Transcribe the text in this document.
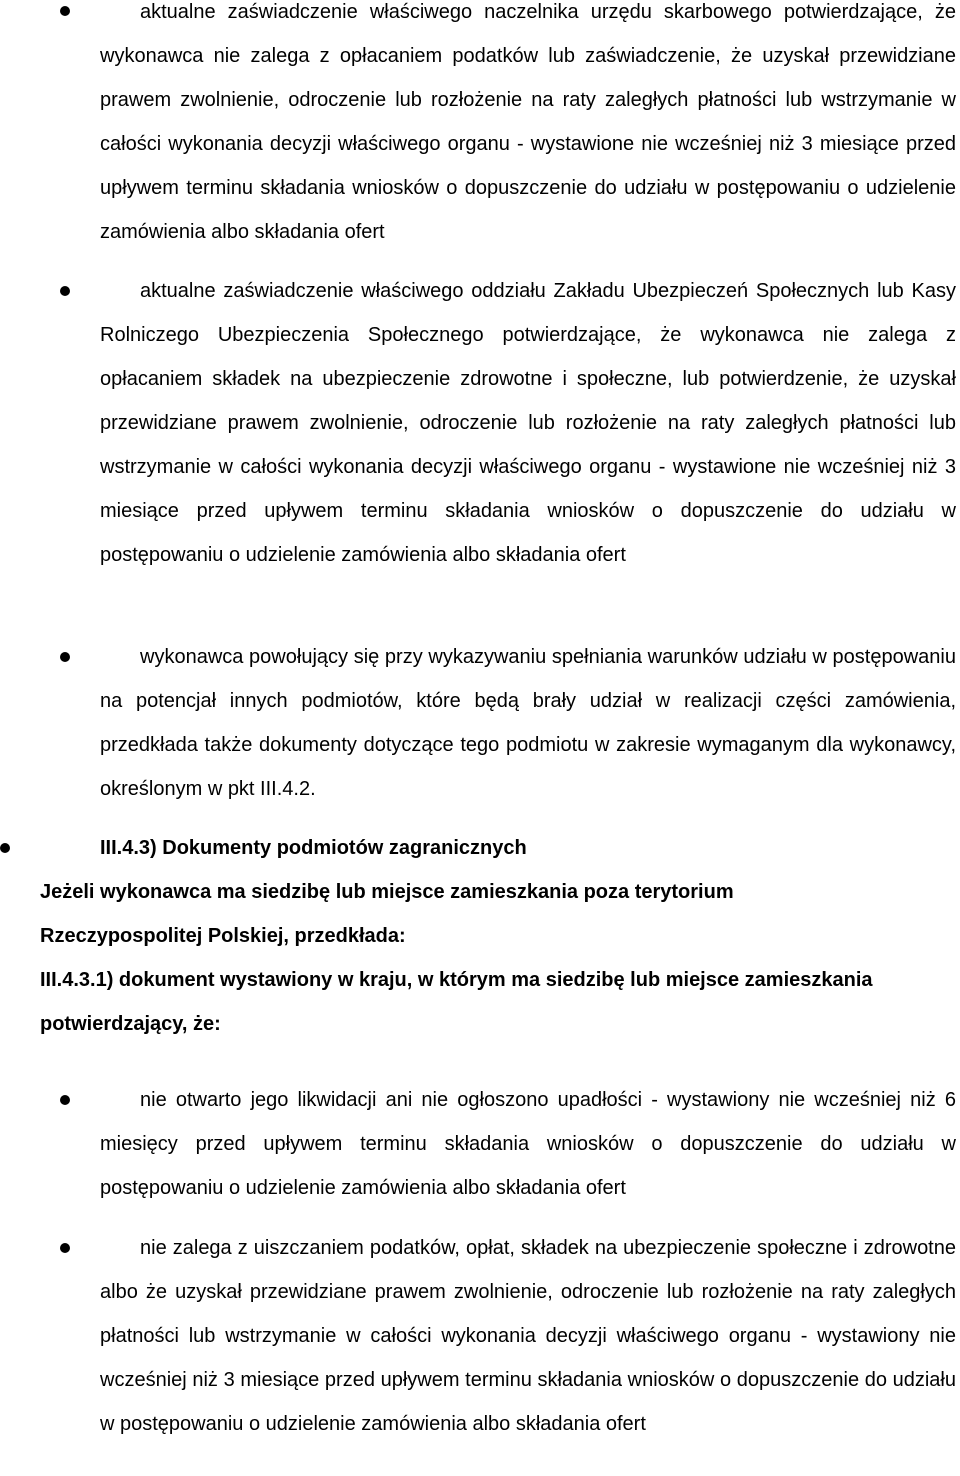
aktualne zaświadczenie właściwego naczelnika urzędu skarbowego potwierdzające, że wykonawca nie zalega z opłacaniem podatków lub zaświadczenie, że uzyskał przewidziane prawem zwolnienie, odroczenie lub rozłożenie na raty zaległych płatności lub wstrzymanie w całości wykonania decyzji właściwego organu - wystawione nie wcześniej niż 3 miesiące przed upływem terminu składania wniosków o dopuszczenie do udziału w postępowaniu o udzielenie zamówienia albo składania ofert

aktualne zaświadczenie właściwego oddziału Zakładu Ubezpieczeń Społecznych lub Kasy Rolniczego Ubezpieczenia Społecznego potwierdzające, że wykonawca nie zalega z opłacaniem składek na ubezpieczenie zdrowotne i społeczne, lub potwierdzenie, że uzyskał przewidziane prawem zwolnienie, odroczenie lub rozłożenie na raty zaległych płatności lub wstrzymanie w całości wykonania decyzji właściwego organu - wystawione nie wcześniej niż 3 miesiące przed upływem terminu składania wniosków o dopuszczenie do udziału w postępowaniu o udzielenie zamówienia albo składania ofert

wykonawca powołujący się przy wykazywaniu spełniania warunków udziału w postępowaniu na potencjał innych podmiotów, które będą brały udział w realizacji części zamówienia, przedkłada także dokumenty dotyczące tego podmiotu w zakresie wymaganym dla wykonawcy, określonym w pkt III.4.2.

III.4.3) Dokumenty podmiotów zagranicznych

Jeżeli wykonawca ma siedzibę lub miejsce zamieszkania poza terytorium Rzeczypospolitej Polskiej, przedkłada:

III.4.3.1) dokument wystawiony w kraju, w którym ma siedzibę lub miejsce zamieszkania potwierdzający, że:

nie otwarto jego likwidacji ani nie ogłoszono upadłości - wystawiony nie wcześniej niż 6 miesięcy przed upływem terminu składania wniosków o dopuszczenie do udziału w postępowaniu o udzielenie zamówienia albo składania ofert

nie zalega z uiszczaniem podatków, opłat, składek na ubezpieczenie społeczne i zdrowotne albo że uzyskał przewidziane prawem zwolnienie, odroczenie lub rozłożenie na raty zaległych płatności lub wstrzymanie w całości wykonania decyzji właściwego organu - wystawiony nie wcześniej niż 3 miesiące przed upływem terminu składania wniosków o dopuszczenie do udziału w postępowaniu o udzielenie zamówienia albo składania ofert
